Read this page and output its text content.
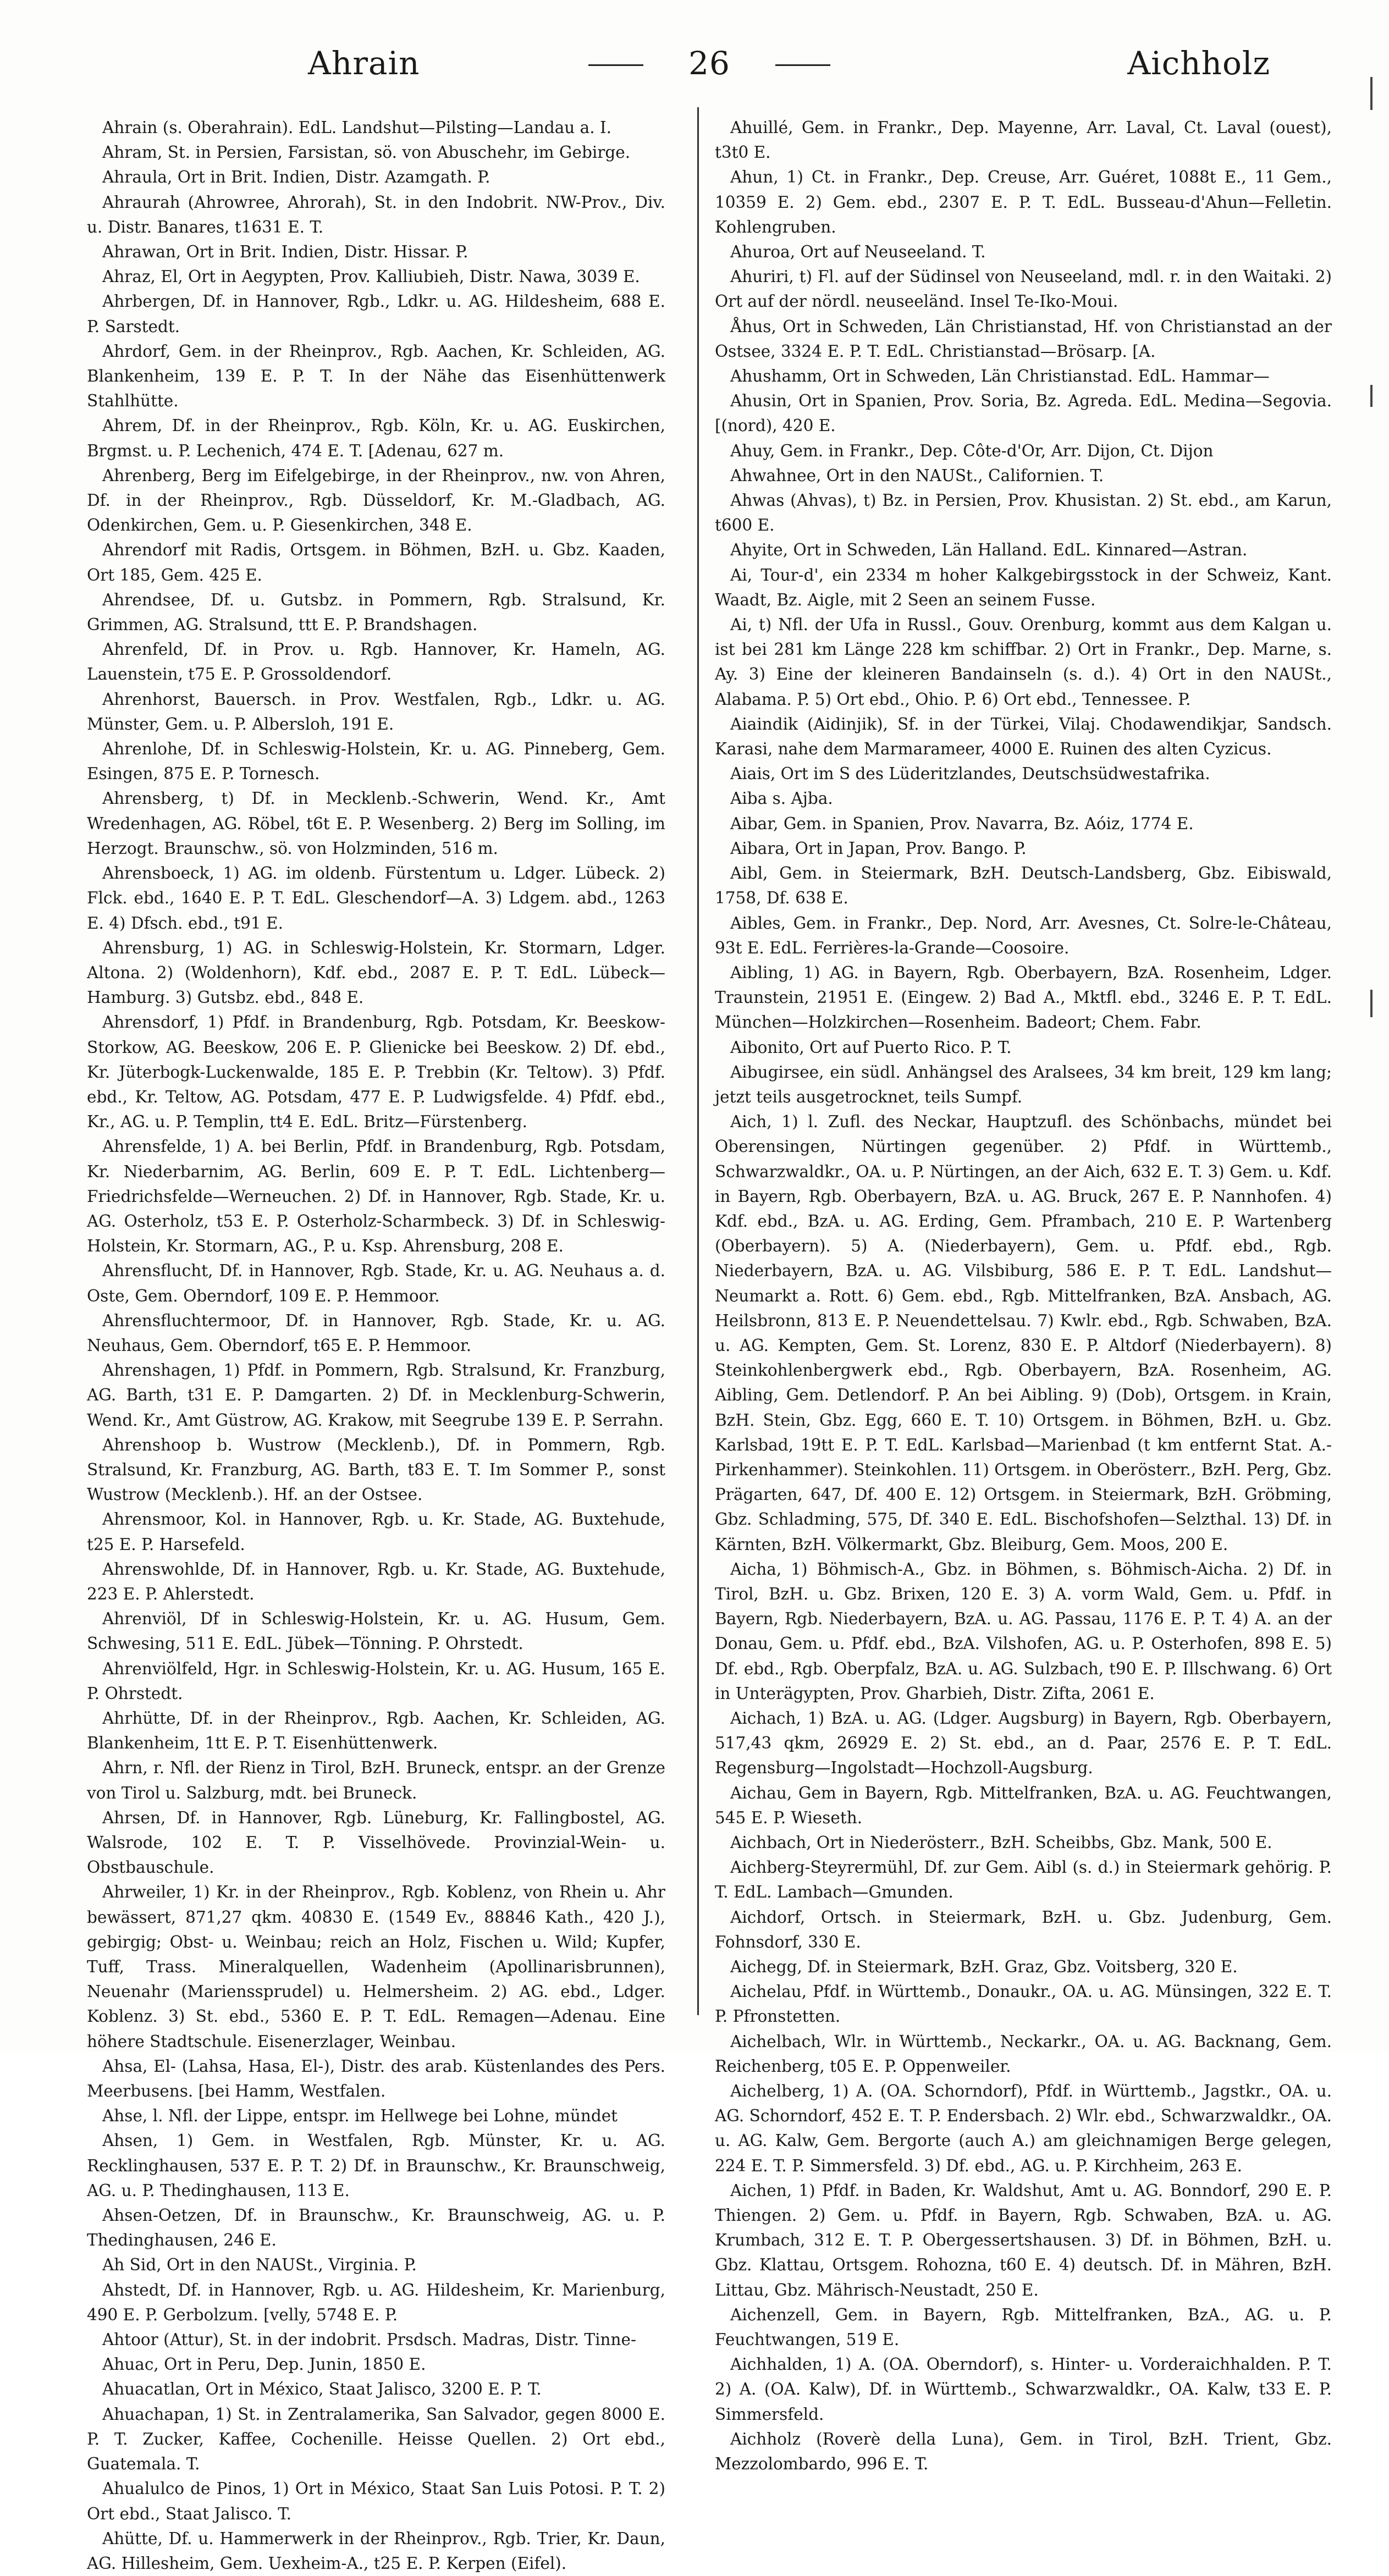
Ahrain	26	Aichholz

Ahrain (s. Oberahrain). EdL. Landshut—Pilsting—Landau a. I.

Ahram, St. in Persien, Farsistan, sö. von Abuschehr, im Gebirge.

Ahraula, Ort in Brit. Indien, Distr. Azamgath. P.

Ahraurah (Ahrowree, Ahrorah), St. in den Indobrit. NW-Prov., Div. u. Distr. Banares, t1631 E. T.

Ahrawan, Ort in Brit. Indien, Distr. Hissar. P.

Ahraz, El, Ort in Aegypten, Prov. Kalliubieh, Distr. Nawa, 3039 E.

Ahrbergen, Df. in Hannover, Rgb., Ldkr. u. AG. Hildesheim, 688 E. P. Sarstedt.

Ahrdorf, Gem. in der Rheinprov., Rgb. Aachen, Kr. Schleiden, AG. Blankenheim, 139 E. P. T. In der Nähe das Eisenhüttenwerk Stahlhütte.

Ahrem, Df. in der Rheinprov., Rgb. Köln, Kr. u. AG. Euskirchen, Brgmst. u. P. Lechenich, 474 E. T. [Adenau, 627 m.

Ahrenberg, Berg im Eifelgebirge, in der Rheinprov., nw. von Ahren, Df. in der Rheinprov., Rgb. Düsseldorf, Kr. M.-Gladbach, AG. Odenkirchen, Gem. u. P. Giesenkirchen, 348 E.

Ahrendorf mit Radis, Ortsgem. in Böhmen, BzH. u. Gbz. Kaaden, Ort 185, Gem. 425 E.

Ahrendsee, Df. u. Gutsbz. in Pommern, Rgb. Stralsund, Kr. Grimmen, AG. Stralsund, ttt E. P. Brandshagen.

Ahrenfeld, Df. in Prov. u. Rgb. Hannover, Kr. Hameln, AG. Lauenstein, t75 E. P. Grossoldendorf.

Ahrenhorst, Bauersch. in Prov. Westfalen, Rgb., Ldkr. u. AG. Münster, Gem. u. P. Albersloh, 191 E.

Ahrenlohe, Df. in Schleswig-Holstein, Kr. u. AG. Pinneberg, Gem. Esingen, 875 E. P. Tornesch.

Ahrensberg, t) Df. in Mecklenb.-Schwerin, Wend. Kr., Amt Wredenhagen, AG. Röbel, t6t E. P. Wesenberg. 2) Berg im Solling, im Herzogt. Braunschw., sö. von Holzminden, 516 m.

Ahrensboeck, 1) AG. im oldenb. Fürstentum u. Ldger. Lübeck. 2) Flck. ebd., 1640 E. P. T. EdL. Gleschendorf—A. 3) Ldgem. abd., 1263 E. 4) Dfsch. ebd., t91 E.

Ahrensburg, 1) AG. in Schleswig-Holstein, Kr. Stormarn, Ldger. Altona. 2) (Woldenhorn), Kdf. ebd., 2087 E. P. T. EdL. Lübeck—Hamburg. 3) Gutsbz. ebd., 848 E.

Ahrensdorf, 1) Pfdf. in Brandenburg, Rgb. Potsdam, Kr. Beeskow-Storkow, AG. Beeskow, 206 E. P. Glienicke bei Beeskow. 2) Df. ebd., Kr. Jüterbogk-Luckenwalde, 185 E. P. Trebbin (Kr. Teltow). 3) Pfdf. ebd., Kr. Teltow, AG. Potsdam, 477 E. P. Ludwigsfelde. 4) Pfdf. ebd., Kr., AG. u. P. Templin, tt4 E. EdL. Britz—Fürstenberg.

Ahrensfelde, 1) A. bei Berlin, Pfdf. in Brandenburg, Rgb. Potsdam, Kr. Niederbarnim, AG. Berlin, 609 E. P. T. EdL. Lichtenberg—Friedrichsfelde—Werneuchen. 2) Df. in Hannover, Rgb. Stade, Kr. u. AG. Osterholz, t53 E. P. Osterholz-Scharmbeck. 3) Df. in Schleswig-Holstein, Kr. Stormarn, AG., P. u. Ksp. Ahrensburg, 208 E.

Ahrensflucht, Df. in Hannover, Rgb. Stade, Kr. u. AG. Neuhaus a. d. Oste, Gem. Oberndorf, 109 E. P. Hemmoor.

Ahrensfluchtermoor, Df. in Hannover, Rgb. Stade, Kr. u. AG. Neuhaus, Gem. Oberndorf, t65 E. P. Hemmoor.

Ahrenshagen, 1) Pfdf. in Pommern, Rgb. Stralsund, Kr. Franzburg, AG. Barth, t31 E. P. Damgarten. 2) Df. in Mecklenburg-Schwerin, Wend. Kr., Amt Güstrow, AG. Krakow, mit Seegrube 139 E. P. Serrahn.

Ahrenshoop b. Wustrow (Mecklenb.), Df. in Pommern, Rgb. Stralsund, Kr. Franzburg, AG. Barth, t83 E. T. Im Sommer P., sonst Wustrow (Mecklenb.). Hf. an der Ostsee.

Ahrensmoor, Kol. in Hannover, Rgb. u. Kr. Stade, AG. Buxtehude, t25 E. P. Harsefeld.

Ahrenswohlde, Df. in Hannover, Rgb. u. Kr. Stade, AG. Buxtehude, 223 E. P. Ahlerstedt.

Ahrenviöl, Df in Schleswig-Holstein, Kr. u. AG. Husum, Gem. Schwesing, 511 E. EdL. Jübek—Tönning. P. Ohrstedt.

Ahrenviölfeld, Hgr. in Schleswig-Holstein, Kr. u. AG. Husum, 165 E. P. Ohrstedt.

Ahrhütte, Df. in der Rheinprov., Rgb. Aachen, Kr. Schleiden, AG. Blankenheim, 1tt E. P. T. Eisenhüttenwerk.

Ahrn, r. Nfl. der Rienz in Tirol, BzH. Bruneck, entspr. an der Grenze von Tirol u. Salzburg, mdt. bei Bruneck.

Ahrsen, Df. in Hannover, Rgb. Lüneburg, Kr. Fallingbostel, AG. Walsrode, 102 E. T. P. Visselhövede. Provinzial-Wein- u. Obstbauschule.

Ahrweiler, 1) Kr. in der Rheinprov., Rgb. Koblenz, von Rhein u. Ahr bewässert, 871,27 qkm. 40830 E. (1549 Ev., 88846 Kath., 420 J.), gebirgig; Obst- u. Weinbau; reich an Holz, Fischen u. Wild; Kupfer, Tuff, Trass. Mineralquellen, Wadenheim (Apollinarisbrunnen), Neuenahr (Marienssprudel) u. Helmersheim. 2) AG. ebd., Ldger. Koblenz. 3) St. ebd., 5360 E. P. T. EdL. Remagen—Adenau. Eine höhere Stadtschule. Eisenerzlager, Weinbau.

Ahsa, El- (Lahsa, Hasa, El-), Distr. des arab. Küstenlandes des Pers. Meerbusens. [bei Hamm, Westfalen.

Ahse, l. Nfl. der Lippe, entspr. im Hellwege bei Lohne, mündet

Ahsen, 1) Gem. in Westfalen, Rgb. Münster, Kr. u. AG. Recklinghausen, 537 E. P. T. 2) Df. in Braunschw., Kr. Braunschweig, AG. u. P. Thedinghausen, 113 E.

Ahsen-Oetzen, Df. in Braunschw., Kr. Braunschweig, AG. u. P. Thedinghausen, 246 E.

Ah Sid, Ort in den NAUSt., Virginia. P.

Ahstedt, Df. in Hannover, Rgb. u. AG. Hildesheim, Kr. Marienburg, 490 E. P. Gerbolzum. [velly, 5748 E. P.

Ahtoor (Attur), St. in der indobrit. Prsdsch. Madras, Distr. Tinne-

Ahuac, Ort in Peru, Dep. Junin, 1850 E.

Ahuacatlan, Ort in México, Staat Jalisco, 3200 E. P. T.

Ahuachapan, 1) St. in Zentralamerika, San Salvador, gegen 8000 E. P. T. Zucker, Kaffee, Cochenille. Heisse Quellen. 2) Ort ebd., Guatemala. T.

Ahualulco de Pinos, 1) Ort in México, Staat San Luis Potosi. P. T. 2) Ort ebd., Staat Jalisco. T.

Ahütte, Df. u. Hammerwerk in der Rheinprov., Rgb. Trier, Kr. Daun, AG. Hillesheim, Gem. Uexheim-A., t25 E. P. Kerpen (Eifel).

Ahuillé, Gem. in Frankr., Dep. Mayenne, Arr. Laval, Ct. Laval (ouest), t3t0 E.

Ahun, 1) Ct. in Frankr., Dep. Creuse, Arr. Guéret, 1088t E., 11 Gem., 10359 E. 2) Gem. ebd., 2307 E. P. T. EdL. Busseau-d'Ahun—Felletin. Kohlengruben.

Ahuroa, Ort auf Neuseeland. T.

Ahuriri, t) Fl. auf der Südinsel von Neuseeland, mdl. r. in den Waitaki. 2) Ort auf der nördl. neuseeländ. Insel Te-Iko-Moui.

Åhus, Ort in Schweden, Län Christianstad, Hf. von Christianstad an der Ostsee, 3324 E. P. T. EdL. Christianstad—Brösarp. [A.

Ahushamm, Ort in Schweden, Län Christianstad. EdL. Hammar—

Ahusin, Ort in Spanien, Prov. Soria, Bz. Agreda. EdL. Medina—Segovia. [(nord), 420 E.

Ahuy, Gem. in Frankr., Dep. Côte-d'Or, Arr. Dijon, Ct. Dijon

Ahwahnee, Ort in den NAUSt., Californien. T.

Ahwas (Ahvas), t) Bz. in Persien, Prov. Khusistan. 2) St. ebd., am Karun, t600 E.

Ahyite, Ort in Schweden, Län Halland. EdL. Kinnared—Astran.

Ai, Tour-d', ein 2334 m hoher Kalkgebirgsstock in der Schweiz, Kant. Waadt, Bz. Aigle, mit 2 Seen an seinem Fusse.

Ai, t) Nfl. der Ufa in Russl., Gouv. Orenburg, kommt aus dem Kalgan u. ist bei 281 km Länge 228 km schiffbar. 2) Ort in Frankr., Dep. Marne, s. Ay. 3) Eine der kleineren Bandainseln (s. d.). 4) Ort in den NAUSt., Alabama. P. 5) Ort ebd., Ohio. P. 6) Ort ebd., Tennessee. P.

Aiaindik (Aidinjik), Sf. in der Türkei, Vilaj. Chodawendikjar, Sandsch. Karasi, nahe dem Marmarameer, 4000 E. Ruinen des alten Cyzicus.

Aiais, Ort im S des Lüderitzlandes, Deutschsüdwestafrika.

Aiba s. Ajba.

Aibar, Gem. in Spanien, Prov. Navarra, Bz. Aóiz, 1774 E.

Aibara, Ort in Japan, Prov. Bango. P.

Aibl, Gem. in Steiermark, BzH. Deutsch-Landsberg, Gbz. Eibiswald, 1758, Df. 638 E.

Aibles, Gem. in Frankr., Dep. Nord, Arr. Avesnes, Ct. Solre-le-Château, 93t E. EdL. Ferrières-la-Grande—Coosoire.

Aibling, 1) AG. in Bayern, Rgb. Oberbayern, BzA. Rosenheim, Ldger. Traunstein, 21951 E. (Eingew. 2) Bad A., Mktfl. ebd., 3246 E. P. T. EdL. München—Holzkirchen—Rosenheim. Badeort; Chem. Fabr.

Aibonito, Ort auf Puerto Rico. P. T.

Aibugirsee, ein südl. Anhängsel des Aralsees, 34 km breit, 129 km lang; jetzt teils ausgetrocknet, teils Sumpf.

Aich, 1) l. Zufl. des Neckar, Hauptzufl. des Schönbachs, mündet bei Oberensingen, Nürtingen gegenüber. 2) Pfdf. in Württemb., Schwarzwaldkr., OA. u. P. Nürtingen, an der Aich, 632 E. T. 3) Gem. u. Kdf. in Bayern, Rgb. Oberbayern, BzA. u. AG. Bruck, 267 E. P. Nannhofen. 4) Kdf. ebd., BzA. u. AG. Erding, Gem. Pframbach, 210 E. P. Wartenberg (Oberbayern). 5) A. (Niederbayern), Gem. u. Pfdf. ebd., Rgb. Niederbayern, BzA. u. AG. Vilsbiburg, 586 E. P. T. EdL. Landshut—Neumarkt a. Rott. 6) Gem. ebd., Rgb. Mittelfranken, BzA. Ansbach, AG. Heilsbronn, 813 E. P. Neuendettelsau. 7) Kwlr. ebd., Rgb. Schwaben, BzA. u. AG. Kempten, Gem. St. Lorenz, 830 E. P. Altdorf (Niederbayern). 8) Steinkohlenbergwerk ebd., Rgb. Oberbayern, BzA. Rosenheim, AG. Aibling, Gem. Detlendorf. P. An bei Aibling. 9) (Dob), Ortsgem. in Krain, BzH. Stein, Gbz. Egg, 660 E. T. 10) Ortsgem. in Böhmen, BzH. u. Gbz. Karlsbad, 19tt E. P. T. EdL. Karlsbad—Marienbad (t km entfernt Stat. A.-Pirkenhammer). Steinkohlen. 11) Ortsgem. in Oberösterr., BzH. Perg, Gbz. Prägarten, 647, Df. 400 E. 12) Ortsgem. in Steiermark, BzH. Gröbming, Gbz. Schladming, 575, Df. 340 E. EdL. Bischofshofen—Selzthal. 13) Df. in Kärnten, BzH. Völkermarkt, Gbz. Bleiburg, Gem. Moos, 200 E.

Aicha, 1) Böhmisch-A., Gbz. in Böhmen, s. Böhmisch-Aicha. 2) Df. in Tirol, BzH. u. Gbz. Brixen, 120 E. 3) A. vorm Wald, Gem. u. Pfdf. in Bayern, Rgb. Niederbayern, BzA. u. AG. Passau, 1176 E. P. T. 4) A. an der Donau, Gem. u. Pfdf. ebd., BzA. Vilshofen, AG. u. P. Osterhofen, 898 E. 5) Df. ebd., Rgb. Oberpfalz, BzA. u. AG. Sulzbach, t90 E. P. Illschwang. 6) Ort in Unterägypten, Prov. Gharbieh, Distr. Zifta, 2061 E.

Aichach, 1) BzA. u. AG. (Ldger. Augsburg) in Bayern, Rgb. Oberbayern, 517,43 qkm, 26929 E. 2) St. ebd., an d. Paar, 2576 E. P. T. EdL. Regensburg—Ingolstadt—Hochzoll-Augsburg.

Aichau, Gem in Bayern, Rgb. Mittelfranken, BzA. u. AG. Feuchtwangen, 545 E. P. Wieseth.

Aichbach, Ort in Niederösterr., BzH. Scheibbs, Gbz. Mank, 500 E.

Aichberg-Steyrermühl, Df. zur Gem. Aibl (s. d.) in Steiermark gehörig. P. T. EdL. Lambach—Gmunden.

Aichdorf, Ortsch. in Steiermark, BzH. u. Gbz. Judenburg, Gem. Fohnsdorf, 330 E.

Aichegg, Df. in Steiermark, BzH. Graz, Gbz. Voitsberg, 320 E.

Aichelau, Pfdf. in Württemb., Donaukr., OA. u. AG. Münsingen, 322 E. T. P. Pfronstetten.

Aichelbach, Wlr. in Württemb., Neckarkr., OA. u. AG. Backnang, Gem. Reichenberg, t05 E. P. Oppenweiler.

Aichelberg, 1) A. (OA. Schorndorf), Pfdf. in Württemb., Jagstkr., OA. u. AG. Schorndorf, 452 E. T. P. Endersbach. 2) Wlr. ebd., Schwarzwaldkr., OA. u. AG. Kalw, Gem. Bergorte (auch A.) am gleichnamigen Berge gelegen, 224 E. T. P. Simmersfeld. 3) Df. ebd., AG. u. P. Kirchheim, 263 E.

Aichen, 1) Pfdf. in Baden, Kr. Waldshut, Amt u. AG. Bonndorf, 290 E. P. Thiengen. 2) Gem. u. Pfdf. in Bayern, Rgb. Schwaben, BzA. u. AG. Krumbach, 312 E. T. P. Obergessertshausen. 3) Df. in Böhmen, BzH. u. Gbz. Klattau, Ortsgem. Rohozna, t60 E. 4) deutsch. Df. in Mähren, BzH. Littau, Gbz. Mährisch-Neustadt, 250 E.

Aichenzell, Gem. in Bayern, Rgb. Mittelfranken, BzA., AG. u. P. Feuchtwangen, 519 E.

Aichhalden, 1) A. (OA. Oberndorf), s. Hinter- u. Vorderaichhalden. P. T. 2) A. (OA. Kalw), Df. in Württemb., Schwarzwaldkr., OA. Kalw, t33 E. P. Simmersfeld.

Aichholz (Roverè della Luna), Gem. in Tirol, BzH. Trient, Gbz. Mezzolombardo, 996 E. T.
